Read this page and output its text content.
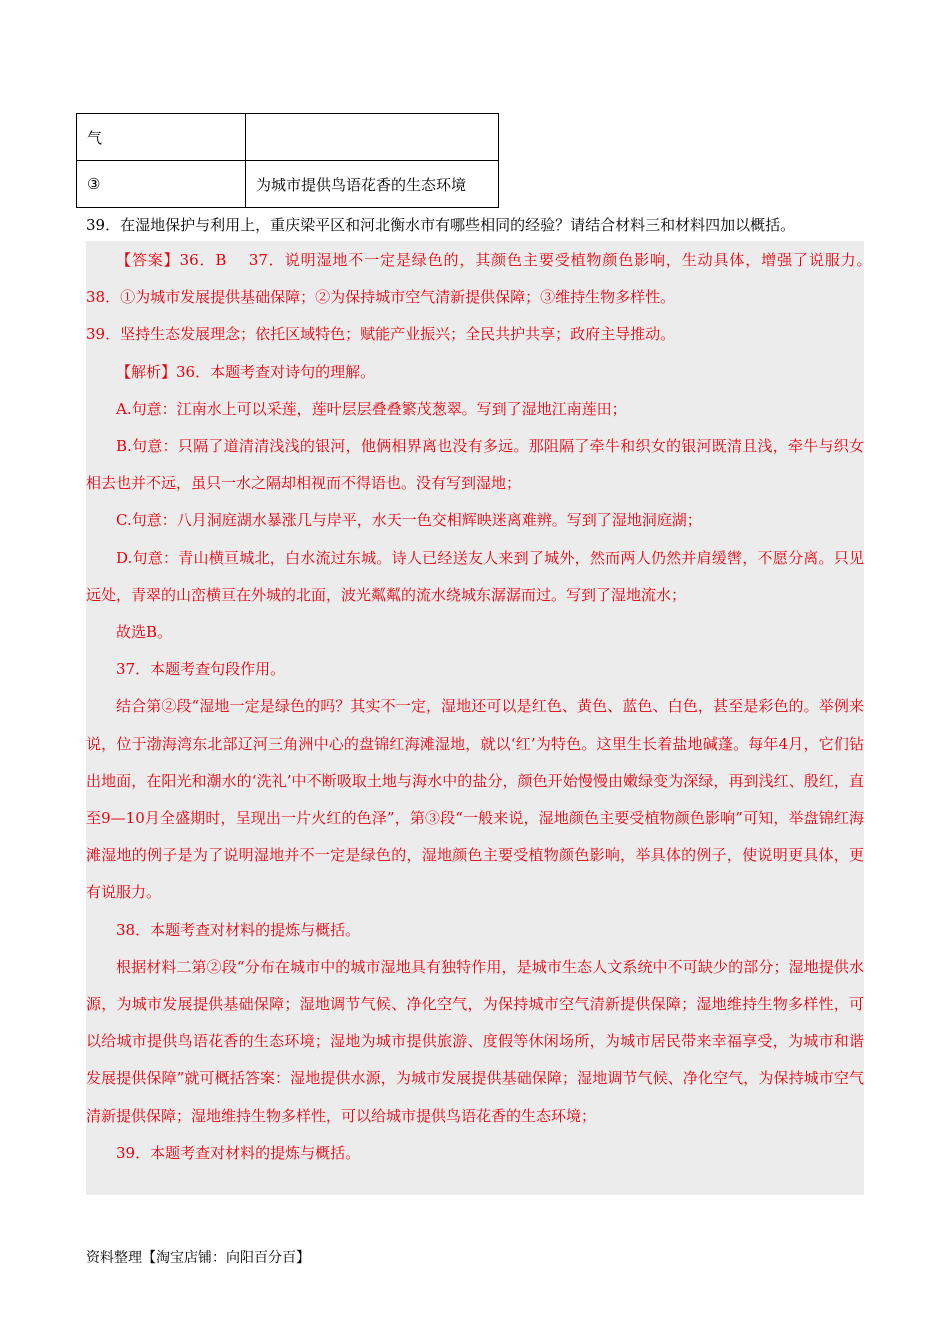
气	
③	为城市提供鸟语花香的生态环境
39．在湿地保护与利用上，重庆梁平区和河北衡水市有哪些相同的经验？请结合材料三和材料四加以概括。

【答案】36．B　 37．说明湿地不一定是绿色的，其颜色主要受植物颜色影响，生动具体，增强了说服力。　　38．①为城市发展提供基础保障；②为保持城市空气清新提供保障；③维持生物多样性。

39．坚持生态发展理念；依托区域特色；赋能产业振兴；全民共护共享；政府主导推动。

【解析】36．本题考查对诗句的理解。

A.句意：江南水上可以采莲，莲叶层层叠叠繁茂葱翠。写到了湿地江南莲田；

B.句意：只隔了道清清浅浅的银河，他俩相界离也没有多远。那阻隔了牵牛和织女的银河既清且浅，牵牛与织女相去也并不远，虽只一水之隔却相视而不得语也。没有写到湿地；

C.句意：八月洞庭湖水暴涨几与岸平，水天一色交相辉映迷离难辨。写到了湿地洞庭湖；

D.句意：青山横亘城北，白水流过东城。诗人已经送友人来到了城外，然而两人仍然并肩缓辔，不愿分离。只见远处，青翠的山峦横亘在外城的北面，波光粼粼的流水绕城东潺潺而过。写到了湿地流水；

故选B。

37．本题考查句段作用。

结合第②段“湿地一定是绿色的吗？其实不一定，湿地还可以是红色、黄色、蓝色、白色，甚至是彩色的。举例来说，位于渤海湾东北部辽河三角洲中心的盘锦红海滩湿地，就以‘红’为特色。这里生长着盐地碱蓬。每年4月，它们钻出地面，在阳光和潮水的‘洗礼’中不断吸取土地与海水中的盐分，颜色开始慢慢由嫩绿变为深绿，再到浅红、殷红，直至9—10月全盛期时，呈现出一片火红的色泽”，第③段“一般来说，湿地颜色主要受植物颜色影响”可知，举盘锦红海滩湿地的例子是为了说明湿地并不一定是绿色的，湿地颜色主要受植物颜色影响，举具体的例子，使说明更具体，更有说服力。

38．本题考查对材料的提炼与概括。

根据材料二第②段“分布在城市中的城市湿地具有独特作用，是城市生态人文系统中不可缺少的部分；湿地提供水源，为城市发展提供基础保障；湿地调节气候、净化空气，为保持城市空气清新提供保障；湿地维持生物多样性，可以给城市提供鸟语花香的生态环境；湿地为城市提供旅游、度假等休闲场所，为城市居民带来幸福享受，为城市和谐发展提供保障”就可概括答案：湿地提供水源，为城市发展提供基础保障；湿地调节气候、净化空气，为保持城市空气清新提供保障；湿地维持生物多样性，可以给城市提供鸟语花香的生态环境；

39．本题考查对材料的提炼与概括。

资料整理【淘宝店铺：向阳百分百】
